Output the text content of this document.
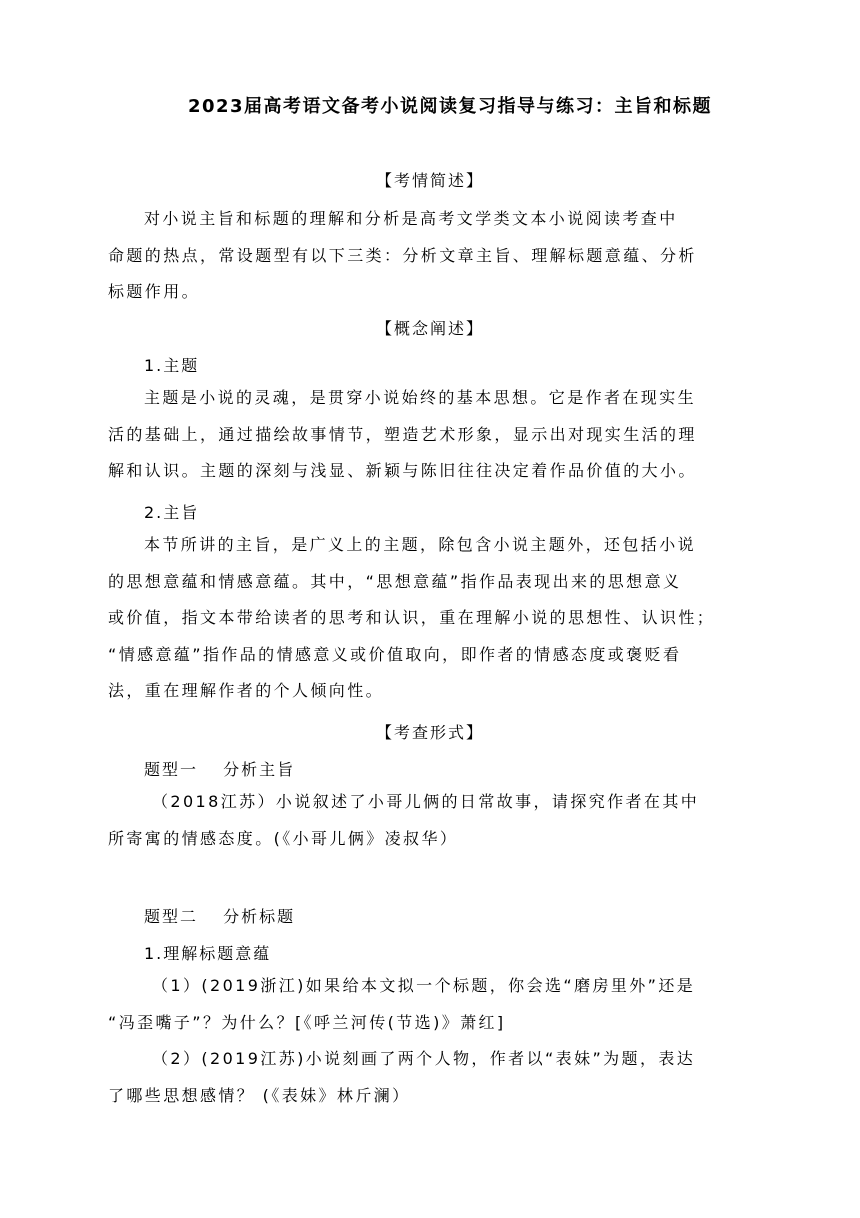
2023届高考语文备考小说阅读复习指导与练习：主旨和标题
【考情简述】
对小说主旨和标题的理解和分析是高考文学类文本小说阅读考查中
命题的热点，常设题型有以下三类：分析文章主旨、理解标题意蕴、分析
标题作用。
【概念阐述】
1.主题
主题是小说的灵魂，是贯穿小说始终的基本思想。它是作者在现实生
活的基础上，通过描绘故事情节，塑造艺术形象，显示出对现实生活的理
解和认识。主题的深刻与浅显、新颖与陈旧往往决定着作品价值的大小。
2.主旨
本节所讲的主旨，是广义上的主题，除包含小说主题外，还包括小说
的思想意蕴和情感意蕴。其中，“思想意蕴”指作品表现出来的思想意义
或价值，指文本带给读者的思考和认识，重在理解小说的思想性、认识性；
“情感意蕴”指作品的情感意义或价值取向，即作者的情感态度或褒贬看
法，重在理解作者的个人倾向性。
【考查形式】
题型一　 分析主旨
（2018江苏）小说叙述了小哥儿俩的日常故事，请探究作者在其中
所寄寓的情感态度。(《小哥儿俩》凌叔华）
题型二　 分析标题
1.理解标题意蕴
（1）(2019浙江)如果给本文拟一个标题，你会选“磨房里外”还是
“冯歪嘴子”？为什么？[《呼兰河传(节选)》萧红]
（2）(2019江苏)小说刻画了两个人物，作者以“表妹”为题，表达
了哪些思想感情？ (《表妹》林斤澜）
